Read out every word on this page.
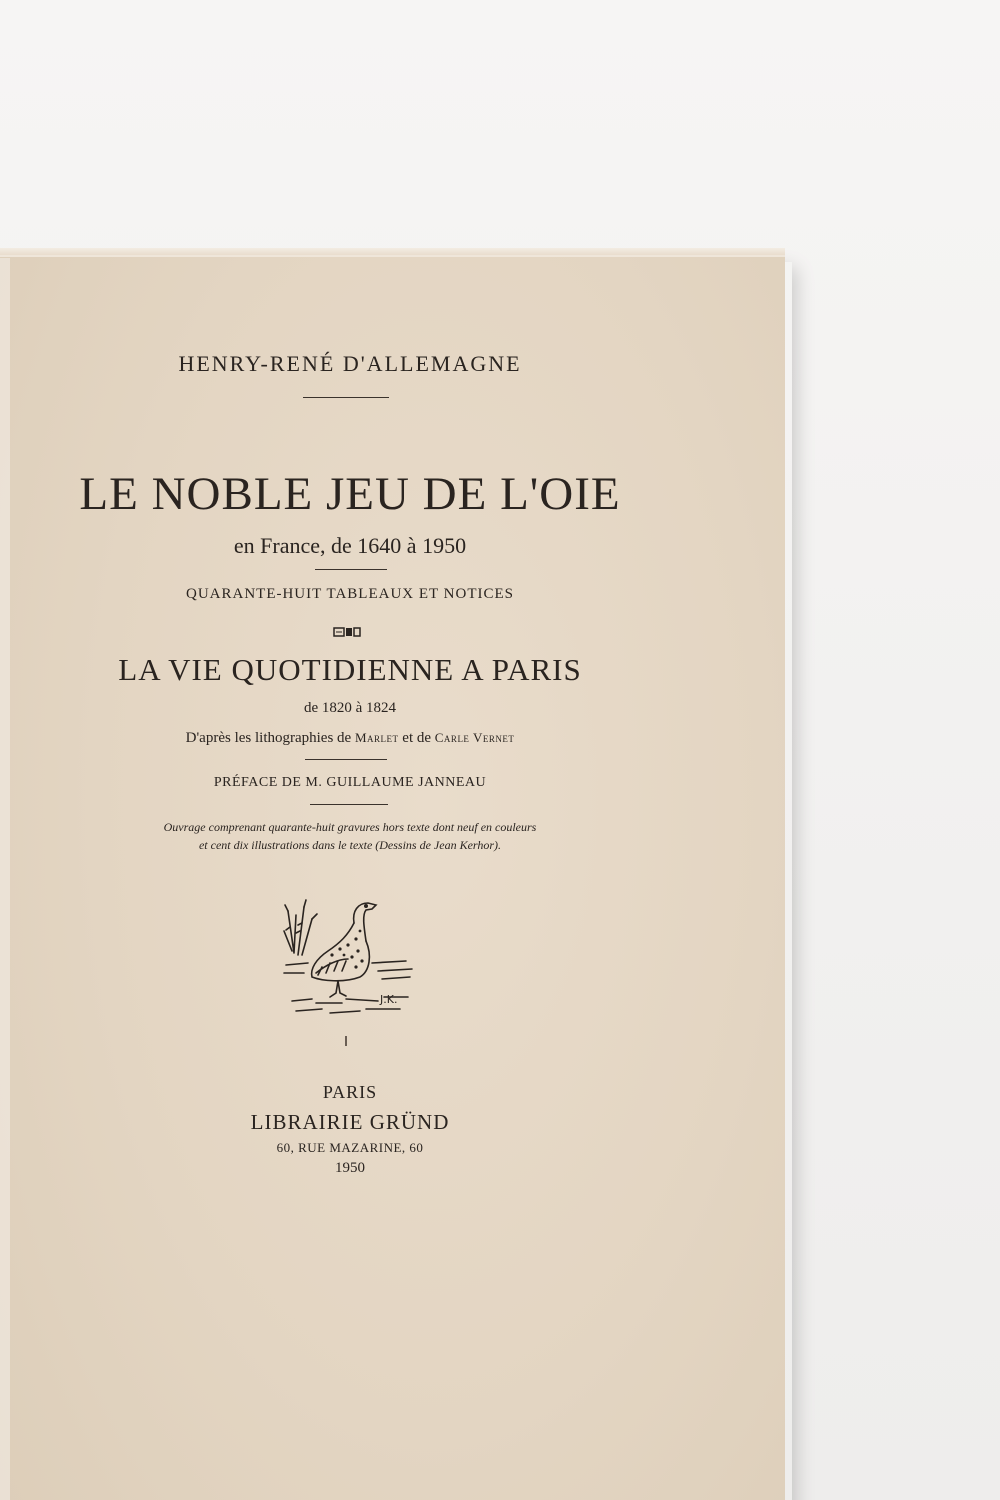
HENRY-RENÉ D'ALLEMAGNE
LE NOBLE JEU DE L'OIE
en France, de 1640 à 1950
QUARANTE-HUIT TABLEAUX ET NOTICES
LA VIE QUOTIDIENNE A PARIS
de 1820 à 1824
D'après les lithographies de Marlet et de Carle Vernet
PRÉFACE DE M. GUILLAUME JANNEAU
Ouvrage comprenant quarante-huit gravures hors texte dont neuf en couleurs
et cent dix illustrations dans le texte (Dessins de Jean Kerhor).
J.K.
PARIS
LIBRAIRIE GRÜND
60, RUE MAZARINE, 60
1950
